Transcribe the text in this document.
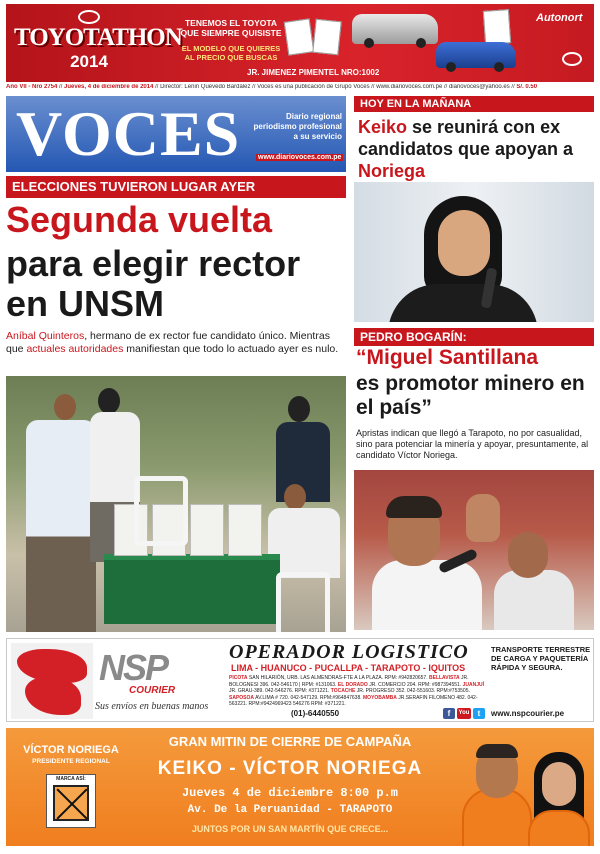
TOYOTATHON
2014
TENEMOS EL TOYOTA QUE SIEMPRE QUISISTE
EL MODELO QUE QUIERES AL PRECIO QUE BUSCAS
JR. JIMENEZ PIMENTEL NRO:1002
Autonort
Año VII - Nro 2754 // Jueves, 4 de diciembre de 2014 // Director: Lenin Quevedo Bardález // Voces es una publicación de Grupo Voces // www.diariovoces.com.pe // diariovoces@yahoo.es // S/. 0.50
VOCES	Diario regional periodismo profesional a su servicio
www.diariovoces.com.pe
ELECCIONES TUVIERON LUGAR AYER
Segunda vuelta
para elegir rector en UNSM
Aníbal Quinteros, hermano de ex rector fue candidato único. Mientras que actuales autoridades manifiestan que todo lo actuado ayer es nulo.
HOY EN LA MAÑANA
Keiko se reunirá con ex candidatos que apoyan a Noriega
PEDRO BOGARÍN:
“Miguel Santillana
es promotor minero en el país”
Apristas indican que llegó a Tarapoto, no por casualidad, sino para potenciar la minería y apoyar, presuntamente, al candidato Víctor Noriega.
NSP
COURIER
Sus envíos en buenas manos
OPERADOR LOGISTICO
LIMA - HUANUCO - PUCALLPA - TARAPOTO - IQUITOS
PICOTA SAN HILARIÓN, URB. LAS ALMENDRAS-FTE A LA PLAZA. RPM: #942820657. BELLAVISTA JR. BOLOGNESI 396. 042-546170 | RPM: #131063. EL DORADO JR. COMERCIO 204. RPM: #987394551. JUANJUÍ JR. GRAU-389. 042-546276. RPM: #371221. TOCACHE JR. PROGRESO 352. 042-551603. RPM:#753505. SAPOSOA AV.LIMA # 720. 042-547129. RPM:#964847638. MOYOBAMBA JR.SERAFIN FILOMENO 482. 042-563221. RPM:#9424969423 546276 RPM: #371221.
(01)-6440550	f	You	t	www.nspcourier.pe
TRANSPORTE TERRESTRE DE CARGA Y PAQUETERÍA RÁPIDA Y SEGURA.
VÍCTOR NORIEGA
PRESIDENTE REGIONAL
MARCA ASÍ:
GRAN MITIN DE CIERRE DE CAMPAÑA
KEIKO - VÍCTOR NORIEGA
Jueves 4 de diciembre 8:00 p.m
Av. De la Peruanidad - TARAPOTO
JUNTOS POR UN SAN MARTÍN QUE CRECE...
